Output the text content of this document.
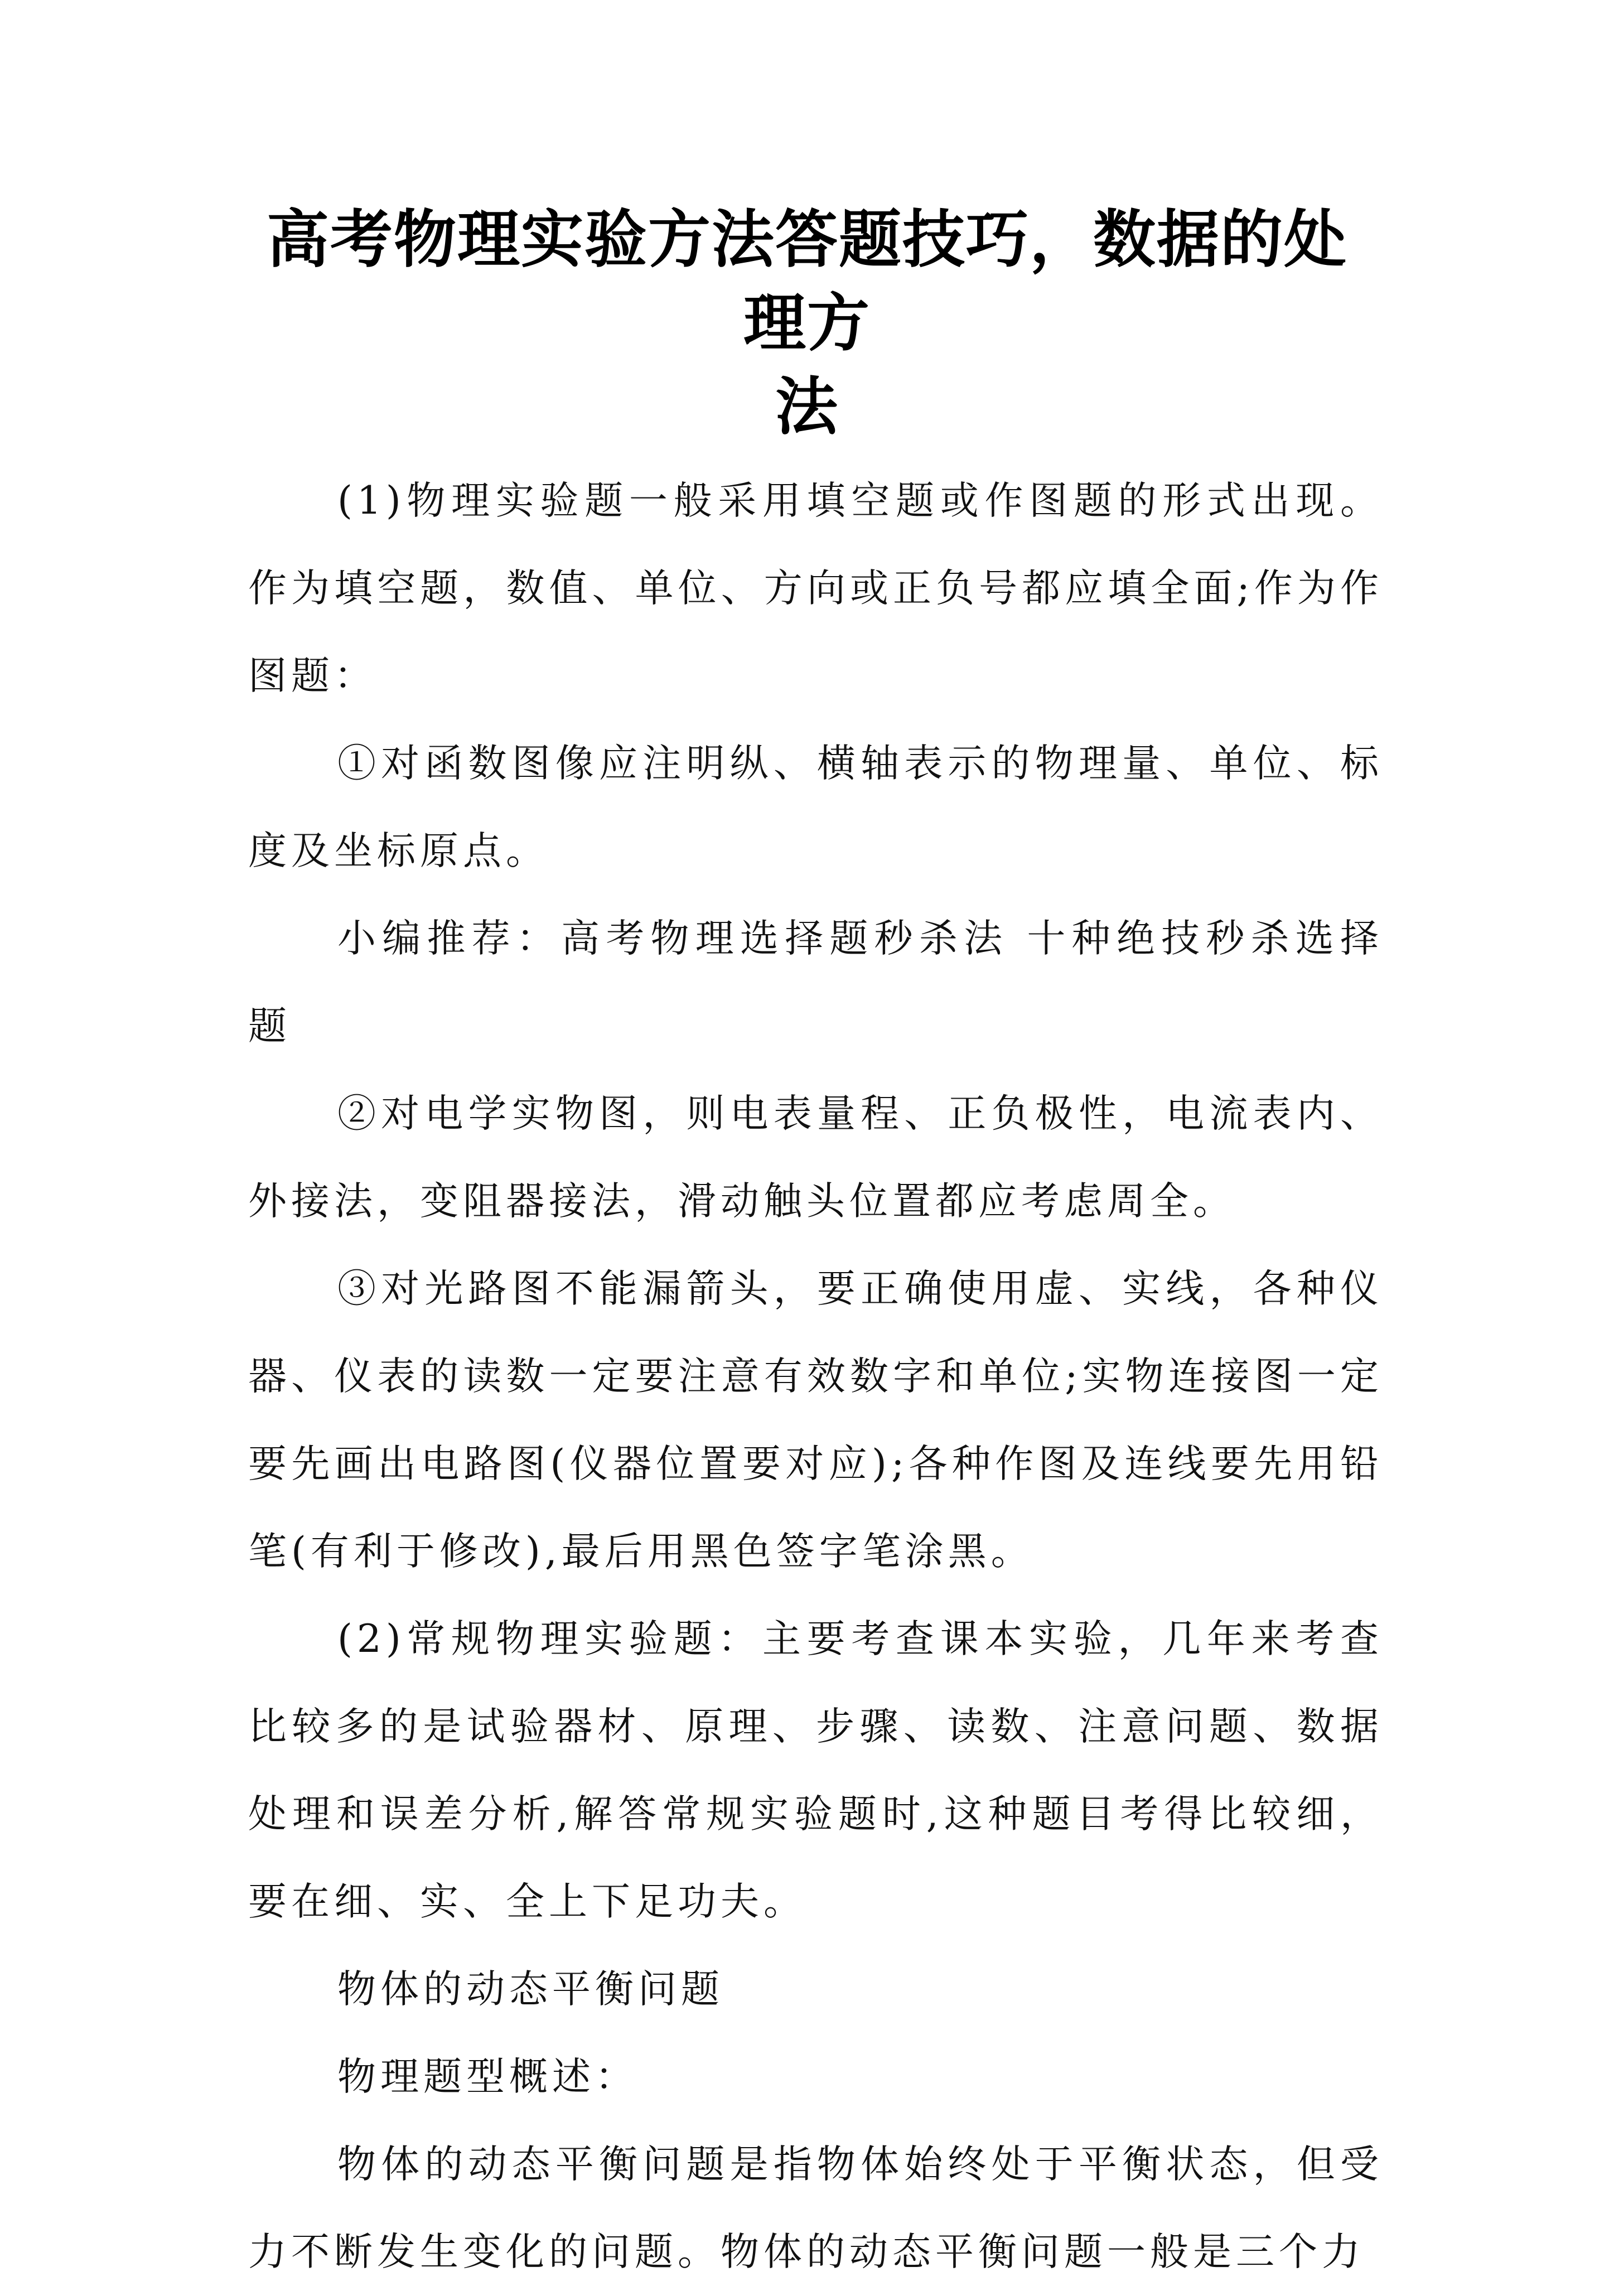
高考物理实验方法答题技巧，数据的处理方
法

(1)物理实验题一般采用填空题或作图题的形式出现。作为填空题，数值、单位、方向或正负号都应填全面;作为作图题：

①对函数图像应注明纵、横轴表示的物理量、单位、标度及坐标原点。

小编推荐：高考物理选择题秒杀法 十种绝技秒杀选择题

②对电学实物图，则电表量程、正负极性，电流表内、外接法，变阻器接法，滑动触头位置都应考虑周全。

③对光路图不能漏箭头，要正确使用虚、实线，各种仪器、仪表的读数一定要注意有效数字和单位;实物连接图一定要先画出电路图(仪器位置要对应);各种作图及连线要先用铅笔(有利于修改),最后用黑色签字笔涂黑。

(2)常规物理实验题：主要考查课本实验，几年来考查比较多的是试验器材、原理、步骤、读数、注意问题、数据处理和误差分析,解答常规实验题时,这种题目考得比较细，要在细、实、全上下足功夫。

物体的动态平衡问题

物理题型概述：

物体的动态平衡问题是指物体始终处于平衡状态，但受力不断发生变化的问题。物体的动态平衡问题一般是三个力
